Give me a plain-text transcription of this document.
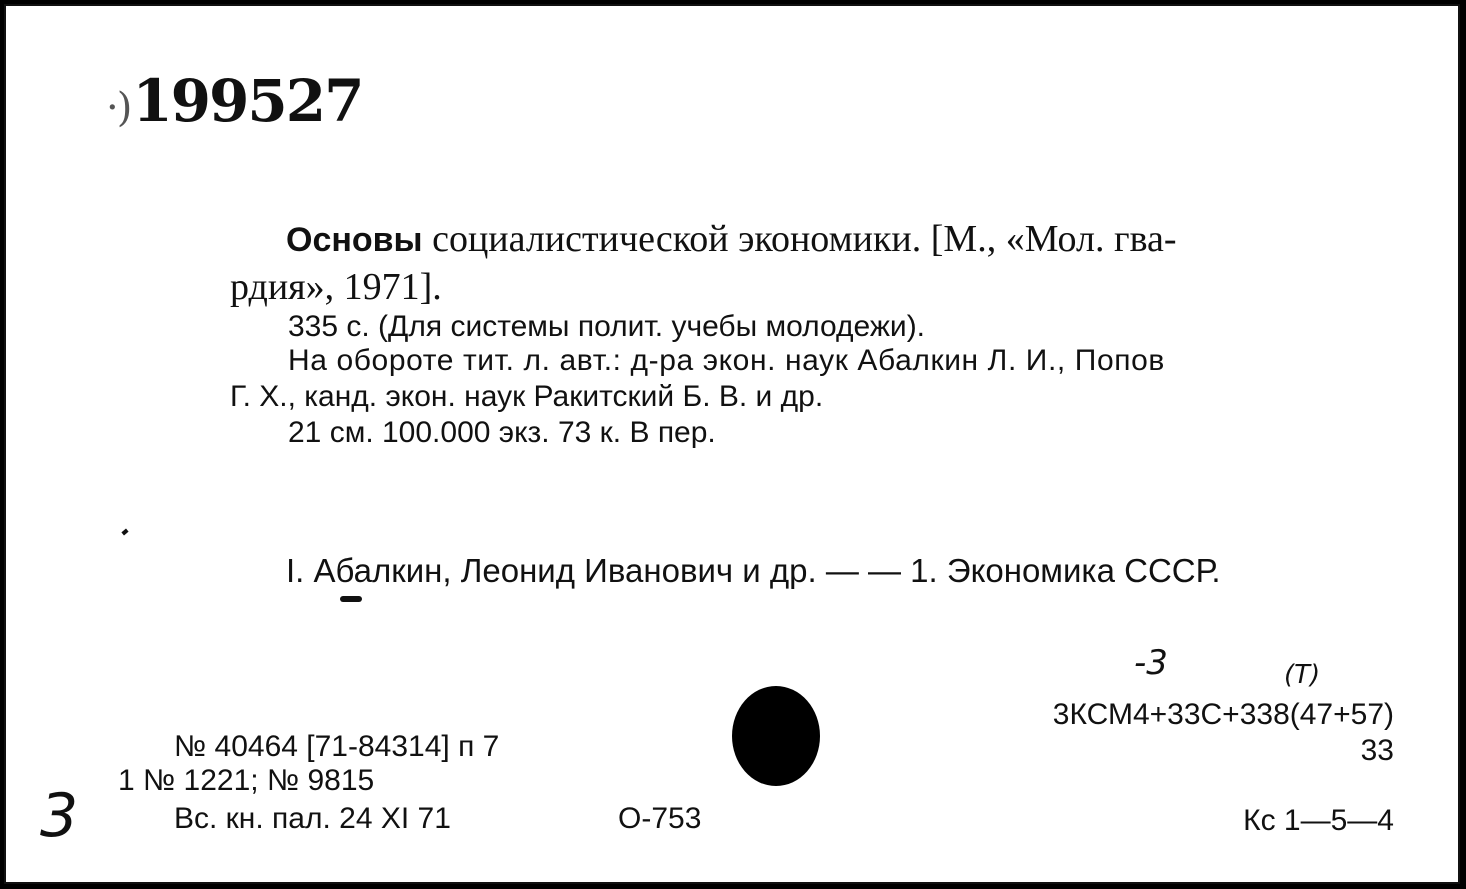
·)199527
Основы социалистической экономики. [М., «Мол. гва-
рдия», 1971].
335 с. (Для системы полит. учебы молодежи).
На обороте тит. л. авт.: д-ра экон. наук Абалкин Л. И., Попов
Г. Х., канд. экон. наук Ракитский Б. В. и др.
21 см. 100.000 экз. 73 к. В пер.
I. Абалкин, Леонид Иванович и др. — — 1. Экономика СССР.
-3	(Т)
3КСМ4+33С+338(47+57)
33
№ 40464 [71-84314] п 7
1 № 1221; № 9815
Вс. кн. пал. 24 XI 71	О-753
3	Кс 1—5—4
